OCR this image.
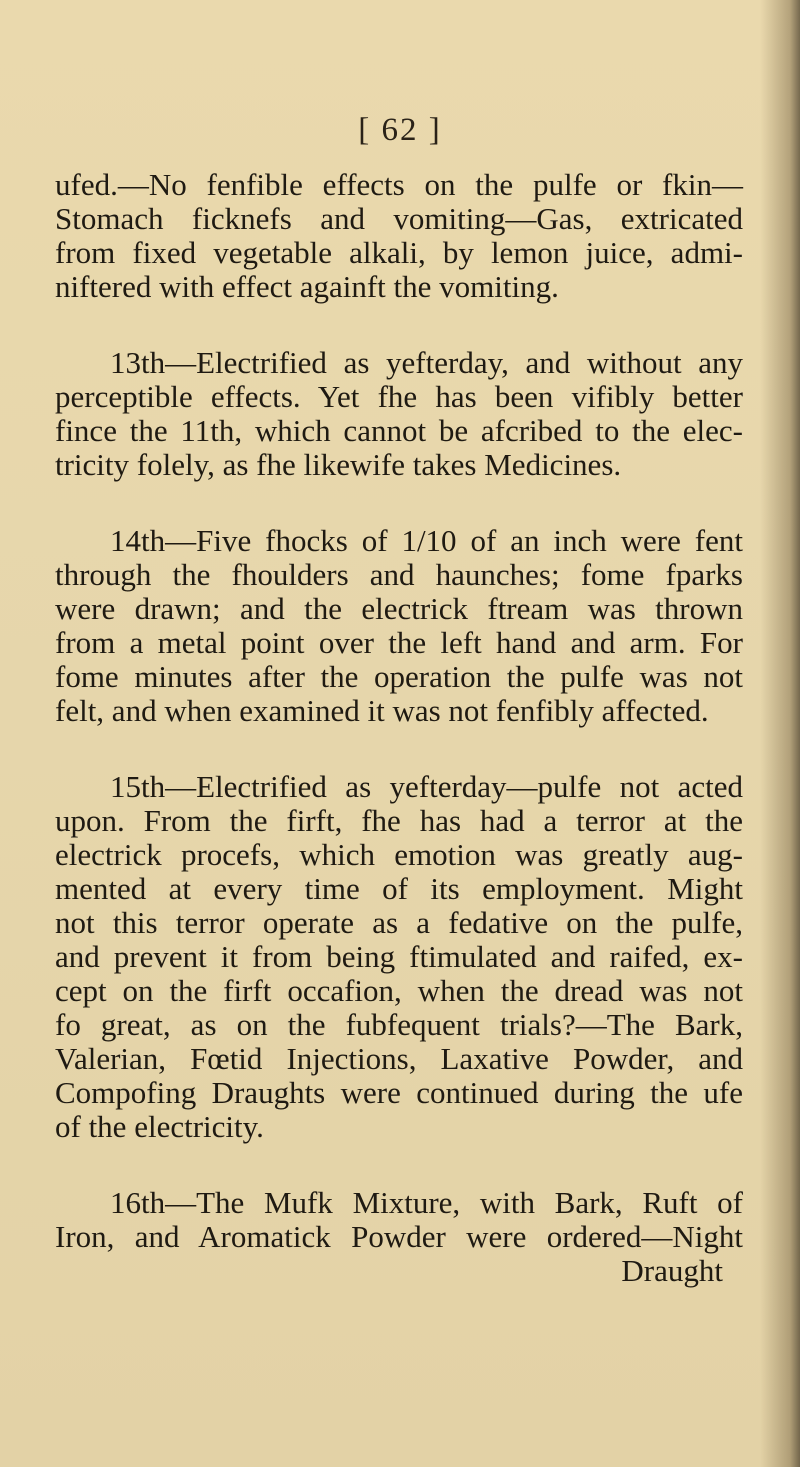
[ 62 ]
ufed.—No fenfible effects on the pulfe or fkin—
Stomach ficknefs and vomiting—Gas, extricated
from fixed vegetable alkali, by lemon juice, admi-
niftered with effect againft the vomiting.
13th—Electrified as yefterday, and without any
perceptible effects. Yet fhe has been vifibly better
fince the 11th, which cannot be afcribed to the elec-
tricity folely, as fhe likewife takes Medicines.
14th—Five fhocks of 1/10 of an inch were fent
through the fhoulders and haunches; fome fparks
were drawn; and the electrick ftream was thrown
from a metal point over the left hand and arm. For
fome minutes after the operation the pulfe was not
felt, and when examined it was not fenfibly affected.
15th—Electrified as yefterday—pulfe not acted
upon. From the firft, fhe has had a terror at the
electrick procefs, which emotion was greatly aug-
mented at every time of its employment. Might
not this terror operate as a fedative on the pulfe,
and prevent it from being ftimulated and raifed, ex-
cept on the firft occafion, when the dread was not
fo great, as on the fubfequent trials?—The Bark,
Valerian, Fœtid Injections, Laxative Powder, and
Compofing Draughts were continued during the ufe
of the electricity.
16th—The Mufk Mixture, with Bark, Ruft of
Iron, and Aromatick Powder were ordered—Night
Draught
